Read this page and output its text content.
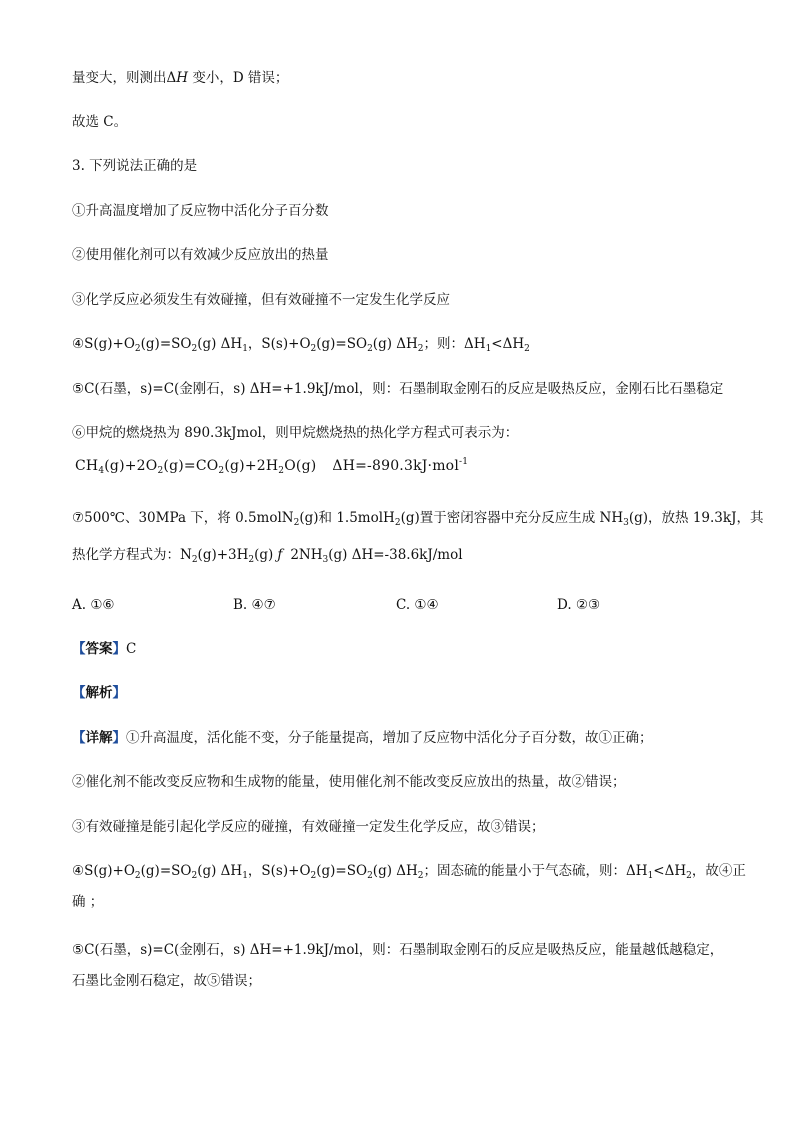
量变大，则测出ΔH 变小，D 错误；
故选 C。
3. 下列说法正确的是
①升高温度增加了反应物中活化分子百分数
②使用催化剂可以有效减少反应放出的热量
③化学反应必须发生有效碰撞，但有效碰撞不一定发生化学反应
$④S(g)+O_2(g)=SO_2(g)$ $\Delta H_1$，$S(s)+O_2(g)=SO_2(g)$ $\Delta H_2$；则：$\Delta H_1<\Delta H_2$
⑤C(石墨，s)=C(金刚石，s) ΔH=+1.9kJ/mol，则：石墨制取金刚石的反应是吸热反应，金刚石比石墨稳定
⑥甲烷的燃烧热为 890.3kJmol，则甲烷燃烧热的热化学方程式可表示为：
$CH_4(g)+2O_2(g)=CO_2(g)+2H_2O(g)$ ΔH=-890.3kJ·mol$^{-1}$
⑦500℃、30MPa 下，将 0.5molN$_2$(g)和 1.5molH$_2$(g)置于密闭容器中充分反应生成 $NH_3(g)$，放热 19.3kJ，其
热化学方程式为：$N_2(g)+3H_2(g)$ ƒ $2NH_3(g)$ ΔH=-38.6kJ/mol
A. ①⑥	B. ④⑦	C. ①④	D. ②③
【答案】C
【解析】
【详解】①升高温度，活化能不变，分子能量提高，增加了反应物中活化分子百分数，故①正确；
②催化剂不能改变反应物和生成物的能量，使用催化剂不能改变反应放出的热量，故②错误；
③有效碰撞是能引起化学反应的碰撞，有效碰撞一定发生化学反应，故③错误；
$④S(g)+O_2(g)=SO_2(g)$ $\Delta H_1$，$S(s)+O_2(g)=SO_2(g)$ $\Delta H_2$；固态硫的能量小于气态硫，则：$\Delta H_1<\Delta H_2$，故④正
确 ；
⑤C(石墨，s)=C(金刚石，s) ΔH=+1.9kJ/mol，则：石墨制取金刚石的反应是吸热反应，能量越低越稳定，
石墨比金刚石稳定，故⑤错误；
